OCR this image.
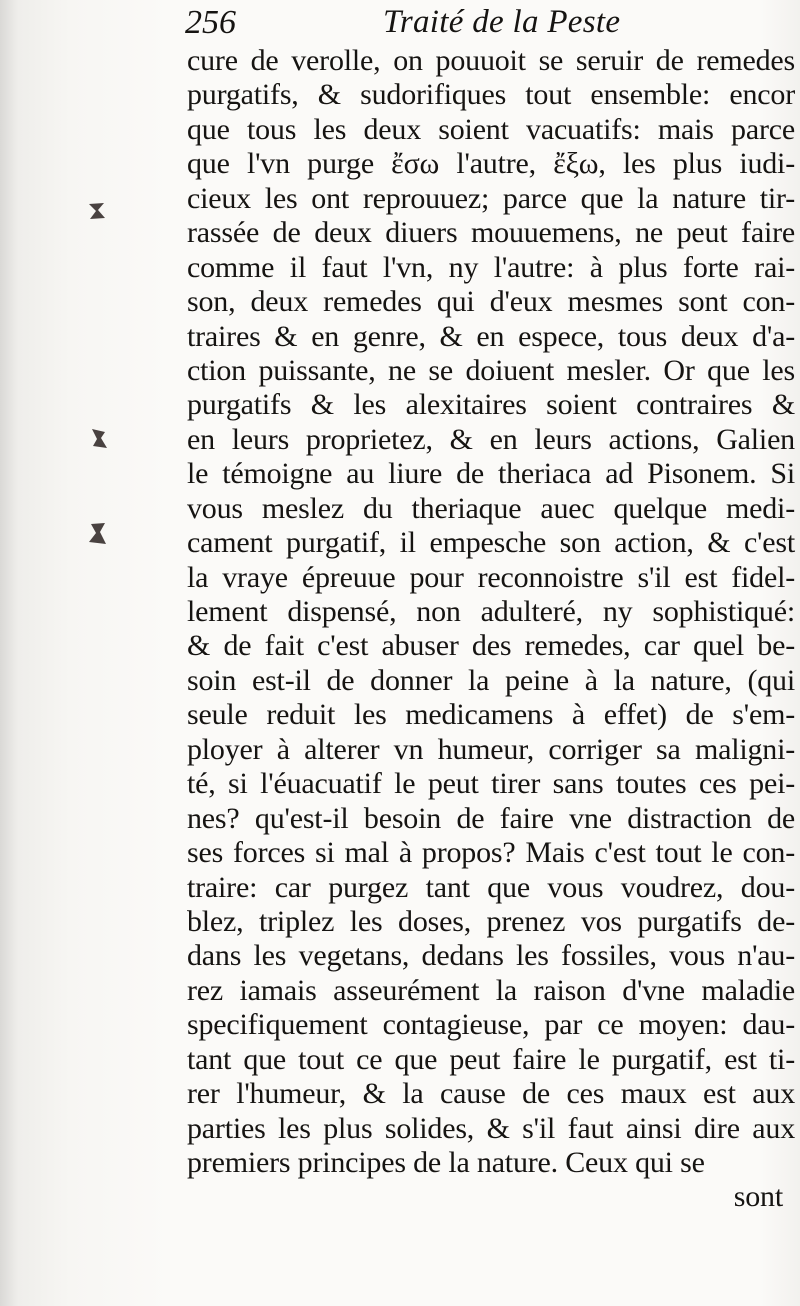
256	Traité de la Peste
cure de verolle, on pouuoit se seruir de remedes
purgatifs, & sudorifiques tout ensemble: encor
que tous les deux soient vacuatifs: mais parce
que l'vn purge ἔσω l'autre, ἔξω, les plus iudi-
cieux les ont reprouuez; parce que la nature tir-
rassée de deux diuers mouuemens, ne peut faire
comme il faut l'vn, ny l'autre: à plus forte rai-
son, deux remedes qui d'eux mesmes sont con-
traires & en genre, & en espece, tous deux d'a-
ction puissante, ne se doiuent mesler. Or que les
purgatifs & les alexitaires soient contraires &
en leurs proprietez, & en leurs actions, Galien
le témoigne au liure de theriaca ad Pisonem. Si
vous meslez du theriaque auec quelque medi-
cament purgatif, il empesche son action, & c'est
la vraye épreuue pour reconnoistre s'il est fidel-
lement dispensé, non adulteré, ny sophistiqué:
& de fait c'est abuser des remedes, car quel be-
soin est-il de donner la peine à la nature, (qui
seule reduit les medicamens à effet) de s'em-
ployer à alterer vn humeur, corriger sa maligni-
té, si l'éuacuatif le peut tirer sans toutes ces pei-
nes? qu'est-il besoin de faire vne distraction de
ses forces si mal à propos? Mais c'est tout le con-
traire: car purgez tant que vous voudrez, dou-
blez, triplez les doses, prenez vos purgatifs de-
dans les vegetans, dedans les fossiles, vous n'au-
rez iamais asseurément la raison d'vne maladie
specifiquement contagieuse, par ce moyen: dau-
tant que tout ce que peut faire le purgatif, est ti-
rer l'humeur, & la cause de ces maux est aux
parties les plus solides, & s'il faut ainsi dire aux
premiers principes de la nature. Ceux qui se
sont
